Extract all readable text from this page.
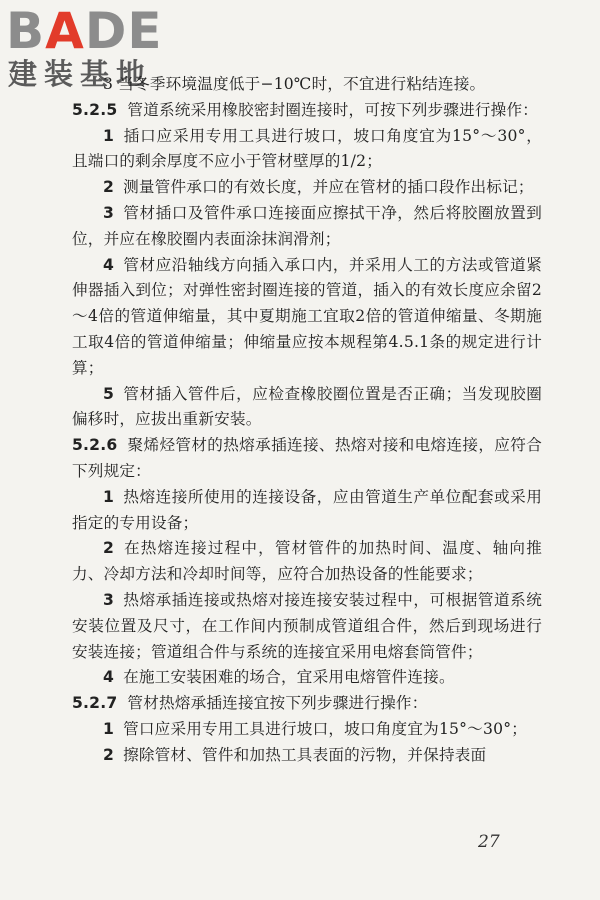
BADE
建装基地

3 当冬季环境温度低于−10℃时，不宜进行粘结连接。

5.2.5 管道系统采用橡胶密封圈连接时，可按下列步骤进行操作：

1 插口应采用专用工具进行坡口，坡口角度宜为15°～30°，且端口的剩余厚度不应小于管材壁厚的1/2；

2 测量管件承口的有效长度，并应在管材的插口段作出标记；

3 管材插口及管件承口连接面应擦拭干净，然后将胶圈放置到位，并应在橡胶圈内表面涂抹润滑剂；

4 管材应沿轴线方向插入承口内，并采用人工的方法或管道紧伸器插入到位；对弹性密封圈连接的管道，插入的有效长度应余留2～4倍的管道伸缩量，其中夏期施工宜取2倍的管道伸缩量、冬期施工取4倍的管道伸缩量；伸缩量应按本规程第4.5.1条的规定进行计算；

5 管材插入管件后，应检查橡胶圈位置是否正确；当发现胶圈偏移时，应拔出重新安装。

5.2.6 聚烯烃管材的热熔承插连接、热熔对接和电熔连接，应符合下列规定：

1 热熔连接所使用的连接设备，应由管道生产单位配套或采用指定的专用设备；

2 在热熔连接过程中，管材管件的加热时间、温度、轴向推力、冷却方法和冷却时间等，应符合加热设备的性能要求；

3 热熔承插连接或热熔对接连接安装过程中，可根据管道系统安装位置及尺寸，在工作间内预制成管道组合件，然后到现场进行安装连接；管道组合件与系统的连接宜采用电熔套筒管件；

4 在施工安装困难的场合，宜采用电熔管件连接。

5.2.7 管材热熔承插连接宜按下列步骤进行操作：

1 管口应采用专用工具进行坡口，坡口角度宜为15°～30°；

2 擦除管材、管件和加热工具表面的污物，并保持表面

27
